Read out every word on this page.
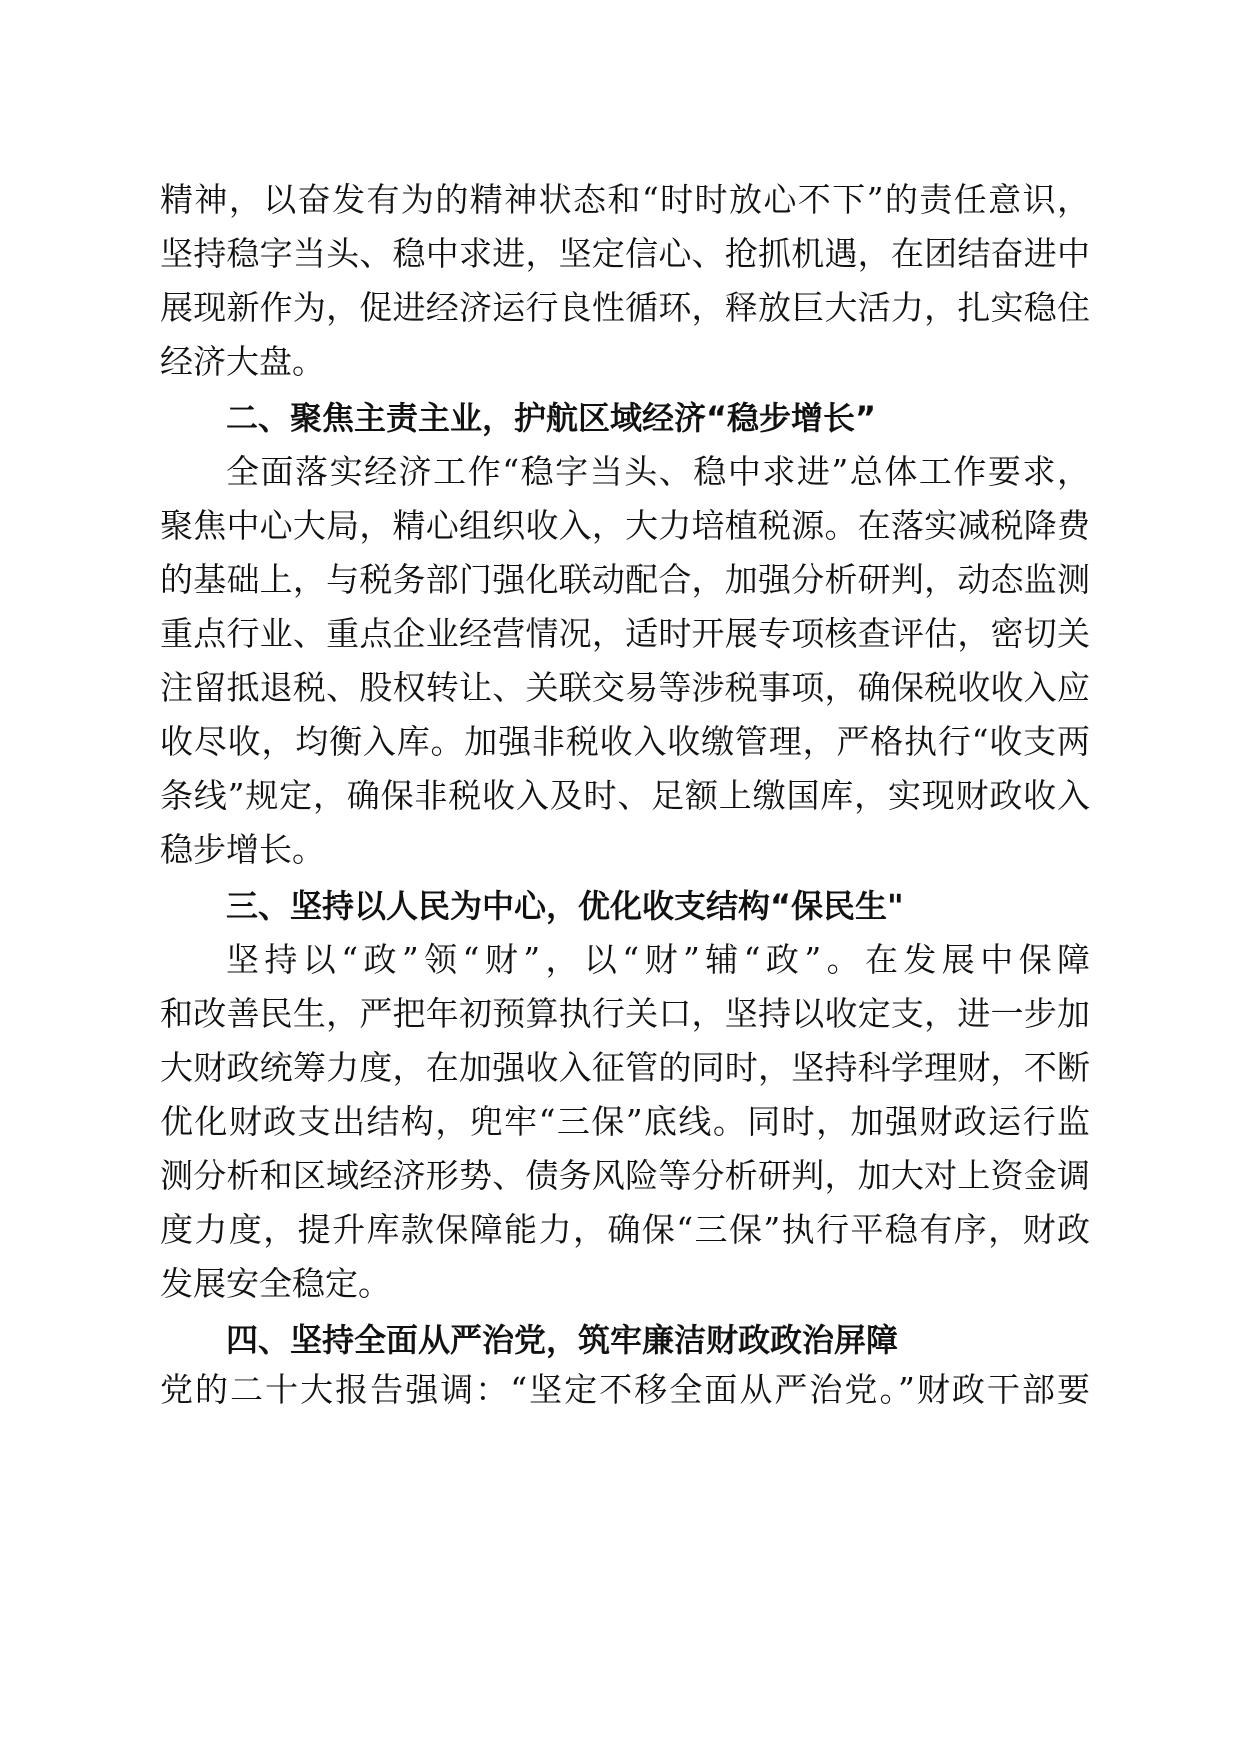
精神，以奋发有为的精神状态和“时时放心不下”的责任意识，
坚持稳字当头、稳中求进，坚定信心、抢抓机遇，在团结奋进中
展现新作为，促进经济运行良性循环，释放巨大活力，扎实稳住
经济大盘。
二、聚焦主责主业，护航区域经济“稳步增长”
全面落实经济工作“稳字当头、稳中求进”总体工作要求，
聚焦中心大局，精心组织收入，大力培植税源。在落实减税降费
的基础上，与税务部门强化联动配合，加强分析研判，动态监测
重点行业、重点企业经营情况，适时开展专项核查评估，密切关
注留抵退税、股权转让、关联交易等涉税事项，确保税收收入应
收尽收，均衡入库。加强非税收入收缴管理，严格执行“收支两
条线”规定，确保非税收入及时、足额上缴国库，实现财政收入
稳步增长。
三、坚持以人民为中心，优化收支结构“保民生"
坚持以“政”领“财”，以“财”辅“政”。在发展中保障
和改善民生，严把年初预算执行关口，坚持以收定支，进一步加
大财政统筹力度，在加强收入征管的同时，坚持科学理财，不断
优化财政支出结构，兜牢“三保”底线。同时，加强财政运行监
测分析和区域经济形势、债务风险等分析研判，加大对上资金调
度力度，提升库款保障能力，确保“三保”执行平稳有序，财政
发展安全稳定。
四、坚持全面从严治党，筑牢廉洁财政政治屏障
党的二十大报告强调：“坚定不移全面从严治党。”财政干部要
